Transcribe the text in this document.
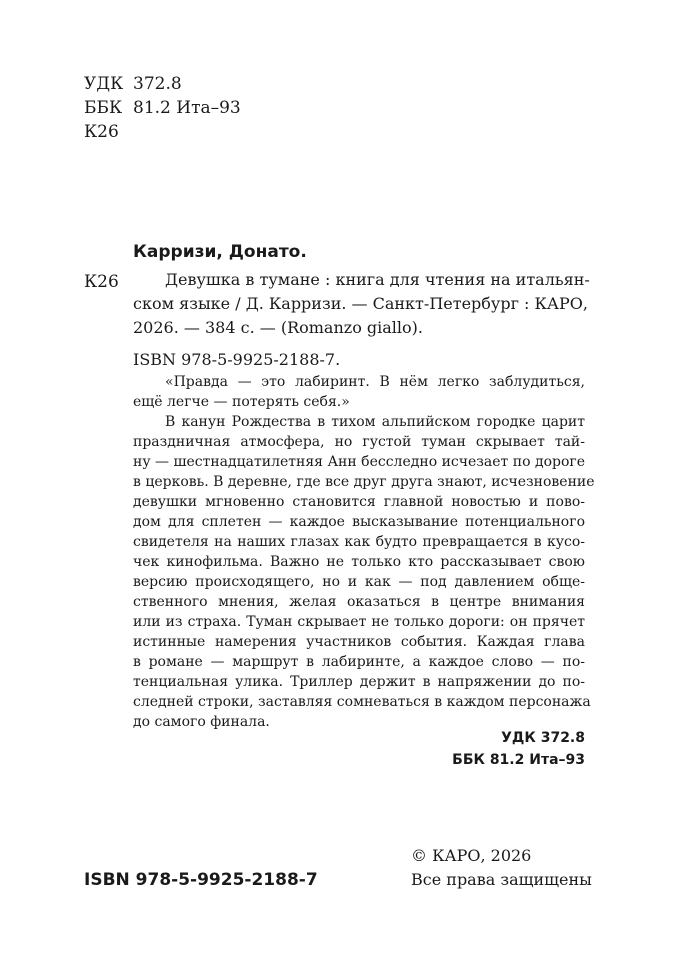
УДК 372.8
ББК 81.2 Ита–93
К26
Карризи, Донато.
К26	Девушка в тумане : книга для чтения на итальян-
ском языке / Д. Карризи. — Санкт-Петербург : КАРО,
2026. — 384 с. — (Romanzo giallo).
ISBN 978-5-9925-2188-7.
«Правда — это лабиринт. В нём легко заблудиться,
ещё легче — потерять себя.»
В канун Рождества в тихом альпийском городке царит
праздничная атмосфера, но густой туман скрывает тай-
ну — шестнадцатилетняя Анн бесследно исчезает по дороге
в церковь. В деревне, где все друг друга знают, исчезновение
девушки мгновенно становится главной новостью и пово-
дом для сплетен — каждое высказывание потенциального
свидетеля на наших глазах как будто превращается в кусо-
чек кинофильма. Важно не только кто рассказывает свою
версию происходящего, но и как — под давлением обще-
ственного мнения, желая оказаться в центре внимания
или из страха. Туман скрывает не только дороги: он прячет
истинные намерения участников события. Каждая глава
в романе — маршрут в лабиринте, а каждое слово — по-
тенциальная улика. Триллер держит в напряжении до по-
следней строки, заставляя сомневаться в каждом персонажа
до самого финала.
УДК 372.8
ББК 81.2 Ита–93
ISBN 978-5-9925-2188-7
© КАРО, 2026
Все права защищены
